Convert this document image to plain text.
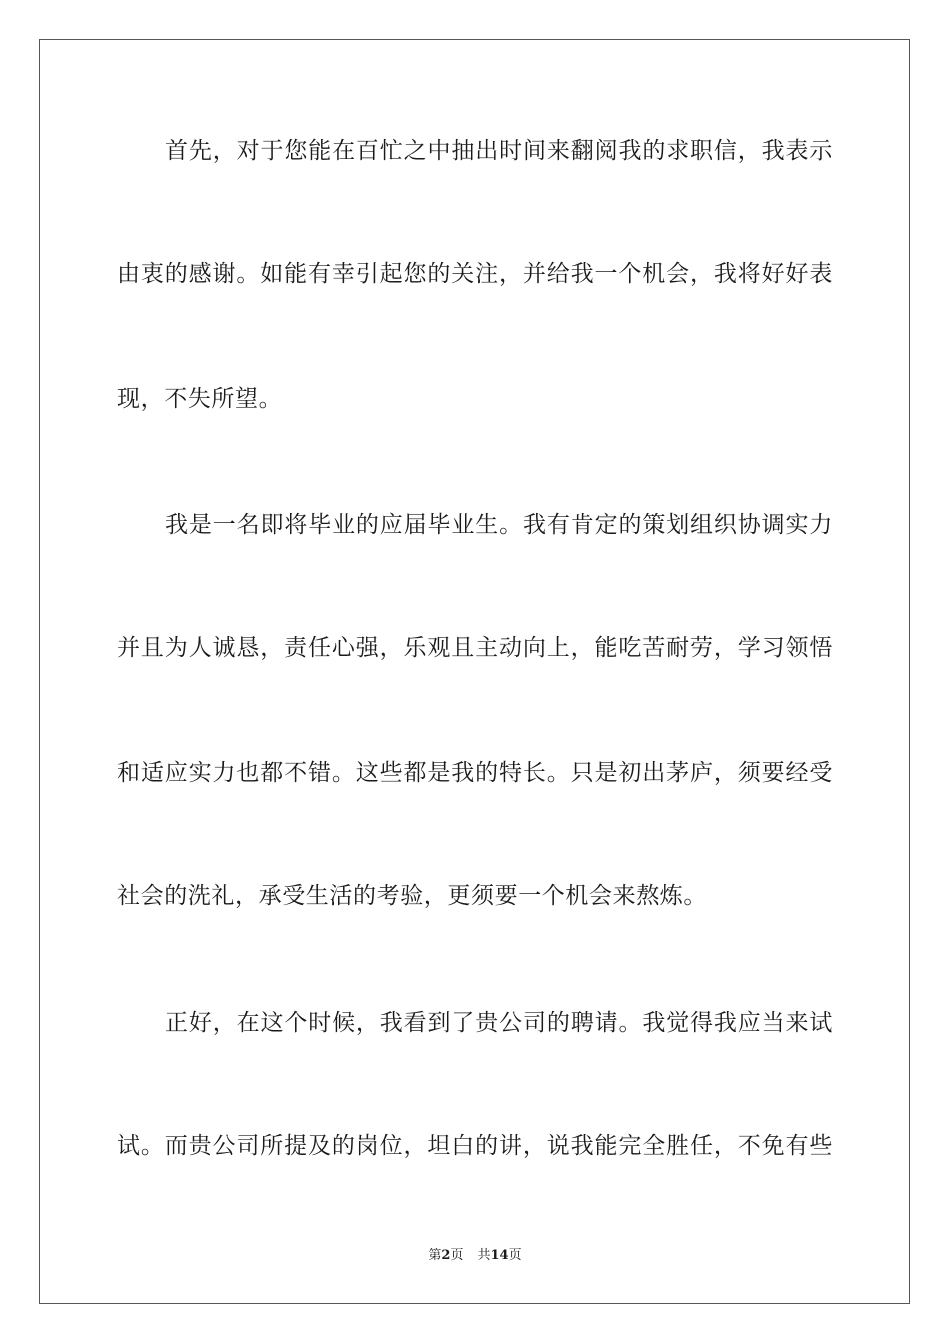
首先，对于您能在百忙之中抽出时间来翻阅我的求职信，我表示
由衷的感谢。如能有幸引起您的关注，并给我一个机会，我将好好表
现，不失所望。
我是一名即将毕业的应届毕业生。我有肯定的策划组织协调实力
并且为人诚恳，责任心强，乐观且主动向上，能吃苦耐劳，学习领悟
和适应实力也都不错。这些都是我的特长。只是初出茅庐，须要经受
社会的洗礼，承受生活的考验，更须要一个机会来熬炼。
正好，在这个时候，我看到了贵公司的聘请。我觉得我应当来试
试。而贵公司所提及的岗位，坦白的讲，说我能完全胜任，不免有些
第2页 共14页
